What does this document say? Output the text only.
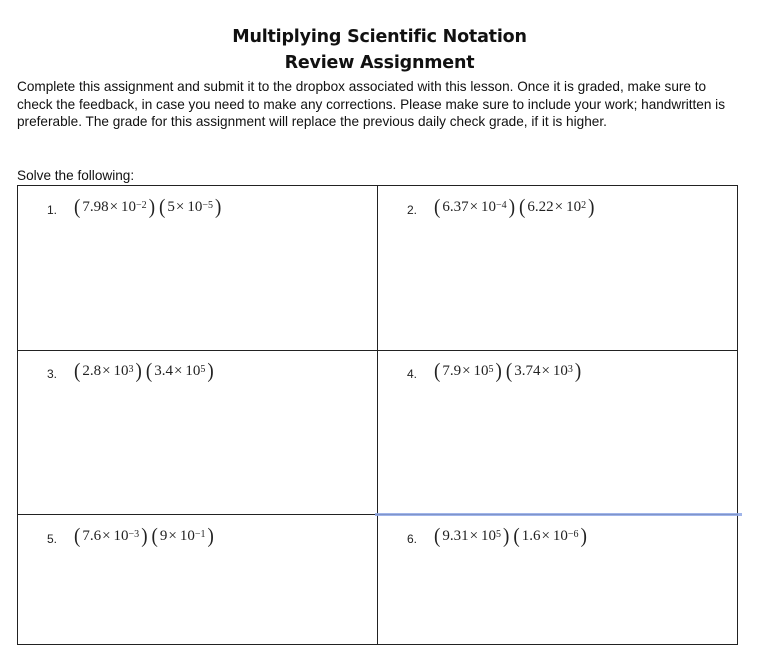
Multiplying Scientific Notation
Review Assignment
Complete this assignment and submit it to the dropbox associated with this lesson. Once it is graded, make sure to check the feedback, in case you need to make any corrections. Please make sure to include your work; handwritten is preferable. The grade for this assignment will replace the previous daily check grade, if it is higher.
Solve the following:
1. ( 7.98 × 10 −2 ) ( 5 × 10 −5 )	2. ( 6.37 × 10 −4 ) ( 6.22 × 10 2 )
3. ( 2.8 × 10 3 ) ( 3.4 × 10 5 )	4. ( 7.9 × 10 5 ) ( 3.74 × 10 3 )
5. ( 7.6 × 10 −3 ) ( 9 × 10 −1 )	6. ( 9.31 × 10 5 ) ( 1.6 × 10 −6 )
